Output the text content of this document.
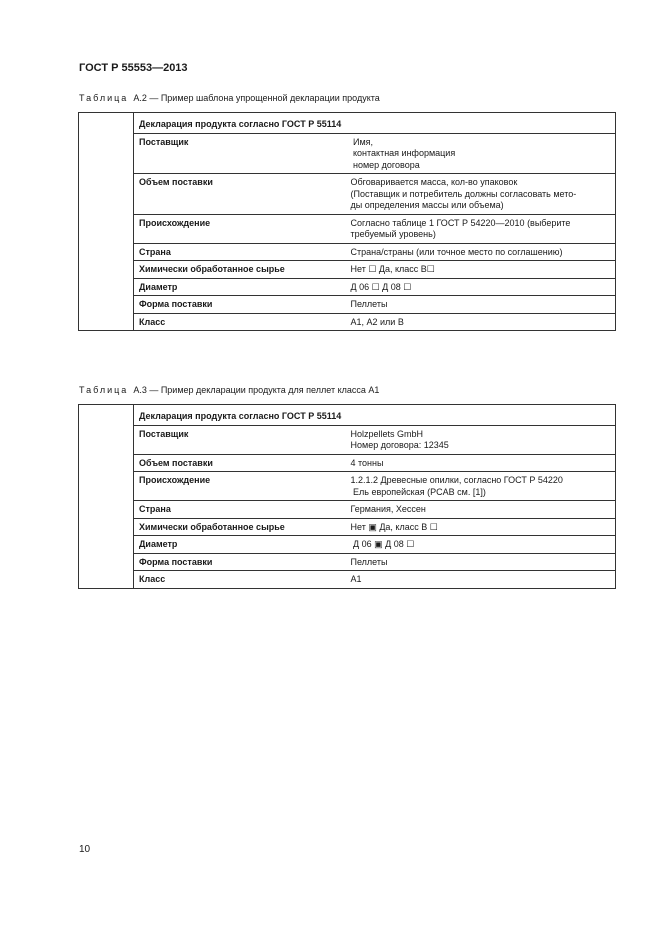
ГОСТ Р 55553—2013
Таблица А.2 — Пример шаблона упрощенной декларации продукта
	Декларация продукта согласно ГОСТ Р 55114	
	Поставщик	Имя,
контактная информация
номер договора

	Объем поставки	Обговаривается масса, кол-во упаковок
(Поставщик и потребитель должны согласовать мето-
ды определения массы или объема)

	Происхождение	Согласно таблице 1 ГОСТ Р 54220—2010 (выберите
требуемый уровень)

	Страна	Страна/страны (или точное место по соглашению)

	Химически обработанное сырье	Нет ☐ Да, класс В☐

	Диаметр	Д 06 ☐ Д 08 ☐

	Форма поставки	Пеллеты

	Класс	А1, А2 или В
Таблица А.3 — Пример декларации продукта для пеллет класса А1
	Декларация продукта согласно ГОСТ Р 55114	
	Поставщик	Holzpellets GmbH
Номер договора: 12345

	Объем поставки	4 тонны

	Происхождение	1.2.1.2 Древесные опилки, согласно ГОСТ Р 54220
Ель европейская (PCAB см. [1])

	Страна	Германия, Хессен

	Химически обработанное сырье	Нет ▣ Да, класс В ☐

	Диаметр	Д 06 ▣ Д 08 ☐

	Форма поставки	Пеллеты

	Класс	А1
10
